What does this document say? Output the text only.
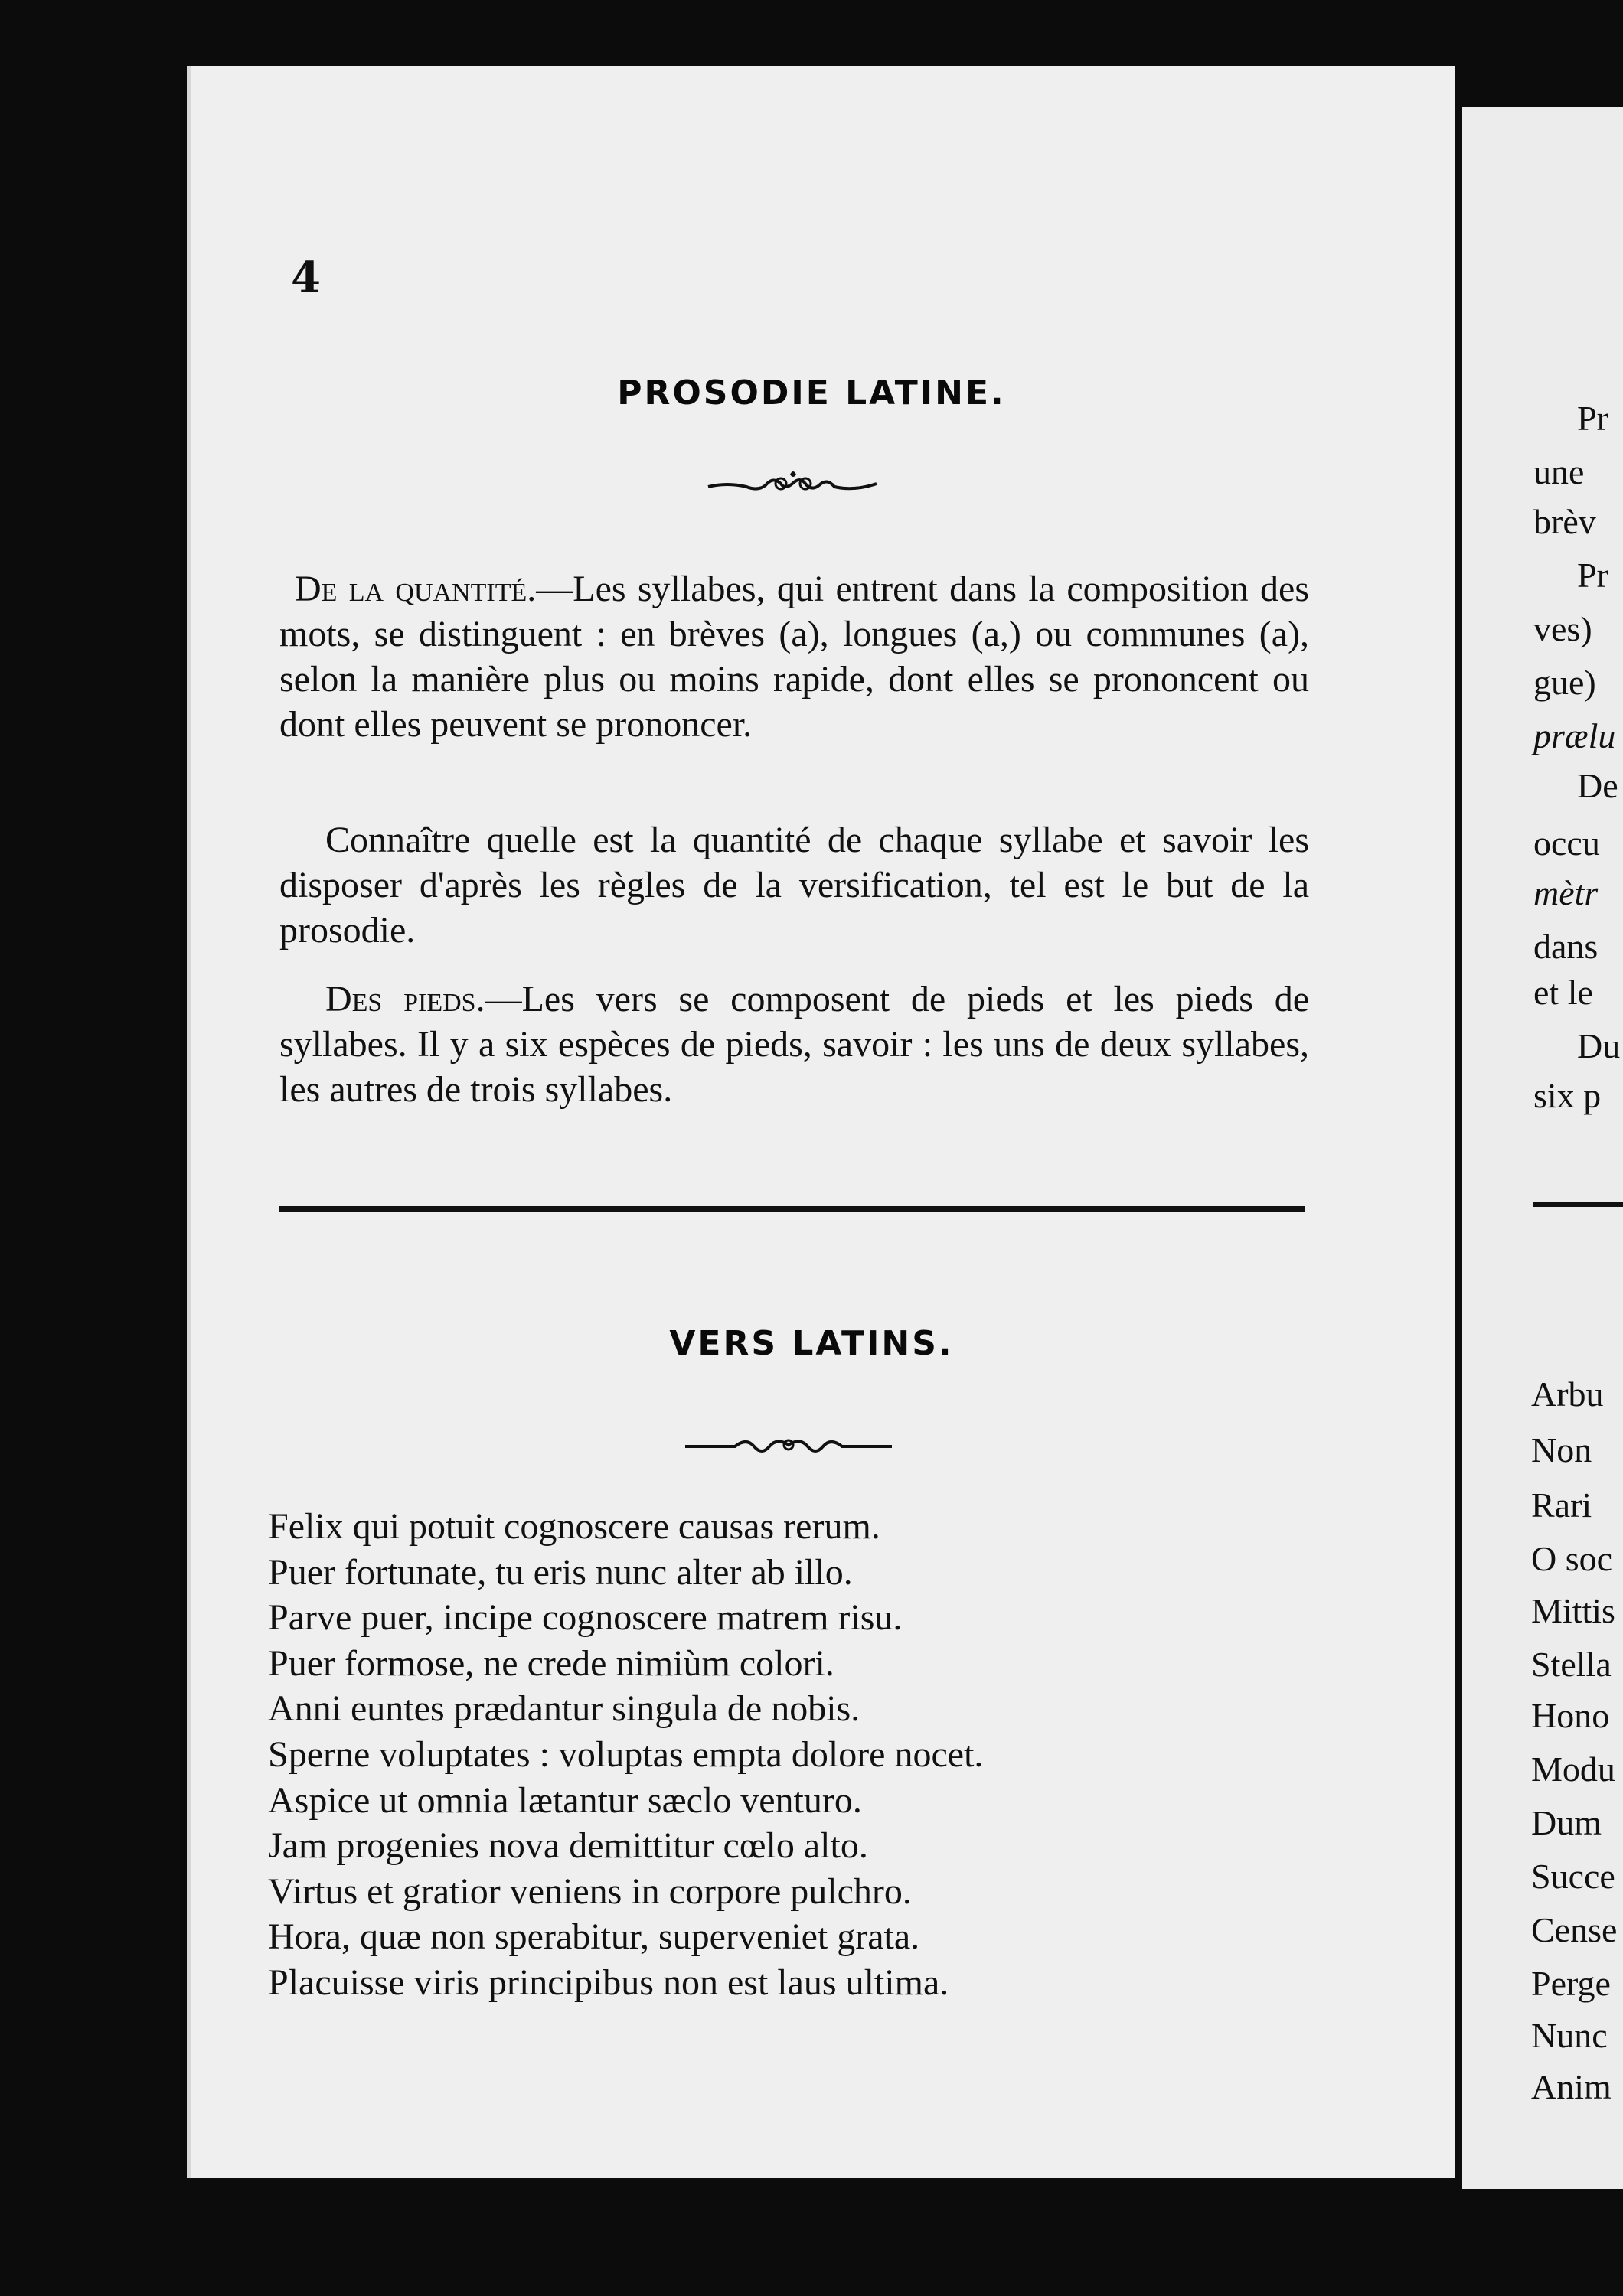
4
PROSODIE LATINE.

De la quantité.—Les syllabes, qui entrent dans la composition des mots, se distinguent : en brèves (a), longues (a,) ou communes (a), selon la manière plus ou moins rapide, dont elles se prononcent ou dont elles peuvent se prononcer.

Connaître quelle est la quantité de chaque syllabe et savoir les disposer d'après les règles de la versification, tel est le but de la prosodie.

Des pieds.—Les vers se composent de pieds et les pieds de syllabes. Il y a six espèces de pieds, savoir : les uns de deux syllabes, les autres de trois syllabes.

VERS LATINS.
Felix qui potuit cognoscere causas rerum.
Puer fortunate, tu eris nunc alter ab illo.
Parve puer, incipe cognoscere matrem risu.
Puer formose, ne crede nimiùm colori.
Anni euntes prædantur singula de nobis.
Sperne voluptates : voluptas empta dolore nocet.
Aspice ut omnia lætantur sæclo venturo.
Jam progenies nova demittitur cœlo alto.
Virtus et gratior veniens in corpore pulchro.
Hora, quæ non sperabitur, superveniet grata.
Placuisse viris principibus non est laus ultima.
Pr
une
brèv
Pr
ves)
gue)
prælu
De
occu
mètr
dans
et le
Du
six p
Arbu
Non
Rari
O soc
Mittis
Stella
Hono
Modu
Dum
Succe
Cense
Perge
Nunc
Anim
